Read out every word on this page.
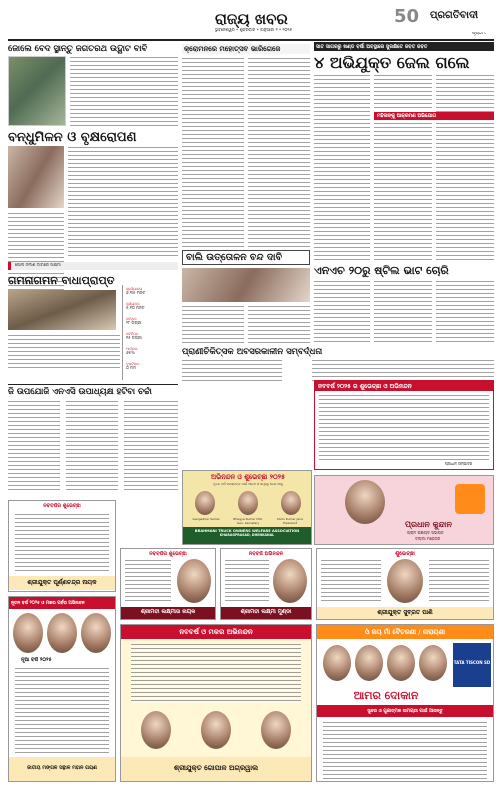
ରାଜ୍ୟ ଖବର
ଭୁବନେଶ୍ୱର • ଶୁକ୍ରବାର • ଜାନୁଆରୀ ୨ • ୨୦୨୬
50 ପ୍ରଗତିବାଦୀ
ପୃଷ୍ଠା ୯
ଜୋଲେ ବେଦ ସ୍ଥାନ୍ତୁ ଜଗତରଥ ଉଦ୍ଘାଟ ବାବି
ବନ୍ଧୁମିଳନ ଓ ବୃକ୍ଷରୋପଣ
ପୋଲ ନିର୍ମାଣ ଦାବୀରେ ସାକ୍ଷ୍ମୀ
ଗମନାଗମନ ବାଧାପ୍ରାପ୍ତ
ସୂର୍ଯ୍ୟୋଦୟ
୬.୩୫ ମିନିଟ
ସୂର୍ଯ୍ୟାସ୍ତ
୫.୧୦ ମିନିଟ
ସର୍ବାଧିକ
୨୮ ଡିଗ୍ରୀ
ସର୍ବନିମ୍ନ
୧୫ ଡିଗ୍ରୀ
ଆର୍ଦ୍ରତା
୬୫%
ବୃଷ୍ଟିପାତ
୦ ମିମି
ଜି ଉପଯୋଜି ଏନଏସି ଉପାଧ୍ୟକ୍ଷ ହଟିବା ଚର୍ଚ୍ଚା
କ୍ରୋମନରେ ମହୋତ୍ସବ ଭାରିଗେଜେ
ବାଲି ଉତ୍ତୋଳନ ବନ୍ଦ ଦାବି
ପ୍ରାଣୀଚିକିତ୍ସକ ଅବସରକାଳୀନ ସମ୍ବର୍ଦ୍ଧନା
ସାତ ସାଗରରୁ ଖଣ୍ଡ ବର୍ଷା ଅବସ୍ଥାରେ ସୁରକ୍ଷିତେ ଜବତ ଜବତ
୪ ଅଭିଯୁକ୍ତ ଜେଲ ଗଲେ
ମହିଳାଙ୍କୁ ଆକ୍ରମଣ ଅଭିଯୋଗ
ଏନଏଚ ୨୦ରୁ ଷ୍ଟିଲ ଭାଟ ଚୋରି
ନବବର୍ଷ ୨୦୨୫ ର ଶୁଭେଚ୍ଛା ଓ ଅଭିନନ୍ଦନ
ପ୍ରଧାନ ସମ୍ପାଦକ
ଅଭିନନ୍ଦନ ଓ ଶୁଭେଚ୍ଛା ୨୦୨୫
ନୂତନ ବର୍ଷ ସମସ୍ତଙ୍କ ପାଇଁ ଆନନ୍ଦ ଓ ସମୃଦ୍ଧି ନେଇ ଆସୁ
Gangadhar Samal	Bhagya Kumar Dhir
Gen. Secretary
Dullu Kumar Jena
President
BRAHMANI TRUCK OWNERS WELFARE ASSOCIATION
KHARAGPRASAD, DHENKANAL
ପ୍ରଧାନ କୁନ୍ଦାନ
ଗ୍ରାମ ପଞ୍ଚାୟତ ସଭାପତି
ଦିଲ୍ଲୀ ମହେନ୍ଦ୍ର
ନବବର୍ଷର ଶୁଭେଚ୍ଛା
ଶ୍ରୀଯୁକ୍ତ ପୂର୍ଣ୍ଣଚନ୍ଦ୍ର ନାୟକ
ନବବର୍ଷର ଶୁଭେଚ୍ଛା
ଶ୍ରୀମତୀ ଲକ୍ଷ୍ମୀତା ନାୟକ
ନବବର୍ଷ ଅଭିନନ୍ଦନ
ଶ୍ରୀମତୀ ଲକ୍ଷ୍ମୀ ମୁଣ୍ଡା
ଶୁଭେଚ୍ଛା
ଶ୍ରୀଯୁକ୍ତ ସୁବ୍ରତ ପାଣି
ନୂତନ ବର୍ଷ ୨୦୨୫ ଓ ମକର ପର୍ବର ଅଭିନନ୍ଦନ
ନୂଆ ବର୍ଷ ୨୦୨୫
ଜାତୀୟ ମଙ୍ଗଳ ସନ୍ଥାଳ ମହାନ ଗୟଣ
ନବବର୍ଷ ଓ ମକର ଅଭିନନ୍ଦନ
ଶ୍ରୀଯୁକ୍ତ ଗୋପାଳ ଅଗ୍ରୱାଲ
ଓଁ ଜୟ ମାଁ ବୈତରଣୀ / ନାରାୟଣୀ
TATA TISCON SD
ଆମର ଦୋକାନ
ସୁନ୍ଦର ଓ ଗୁଣାତ୍ମକ ସାମଗ୍ରୀ ପାଇଁ ଆସନ୍ତୁ
